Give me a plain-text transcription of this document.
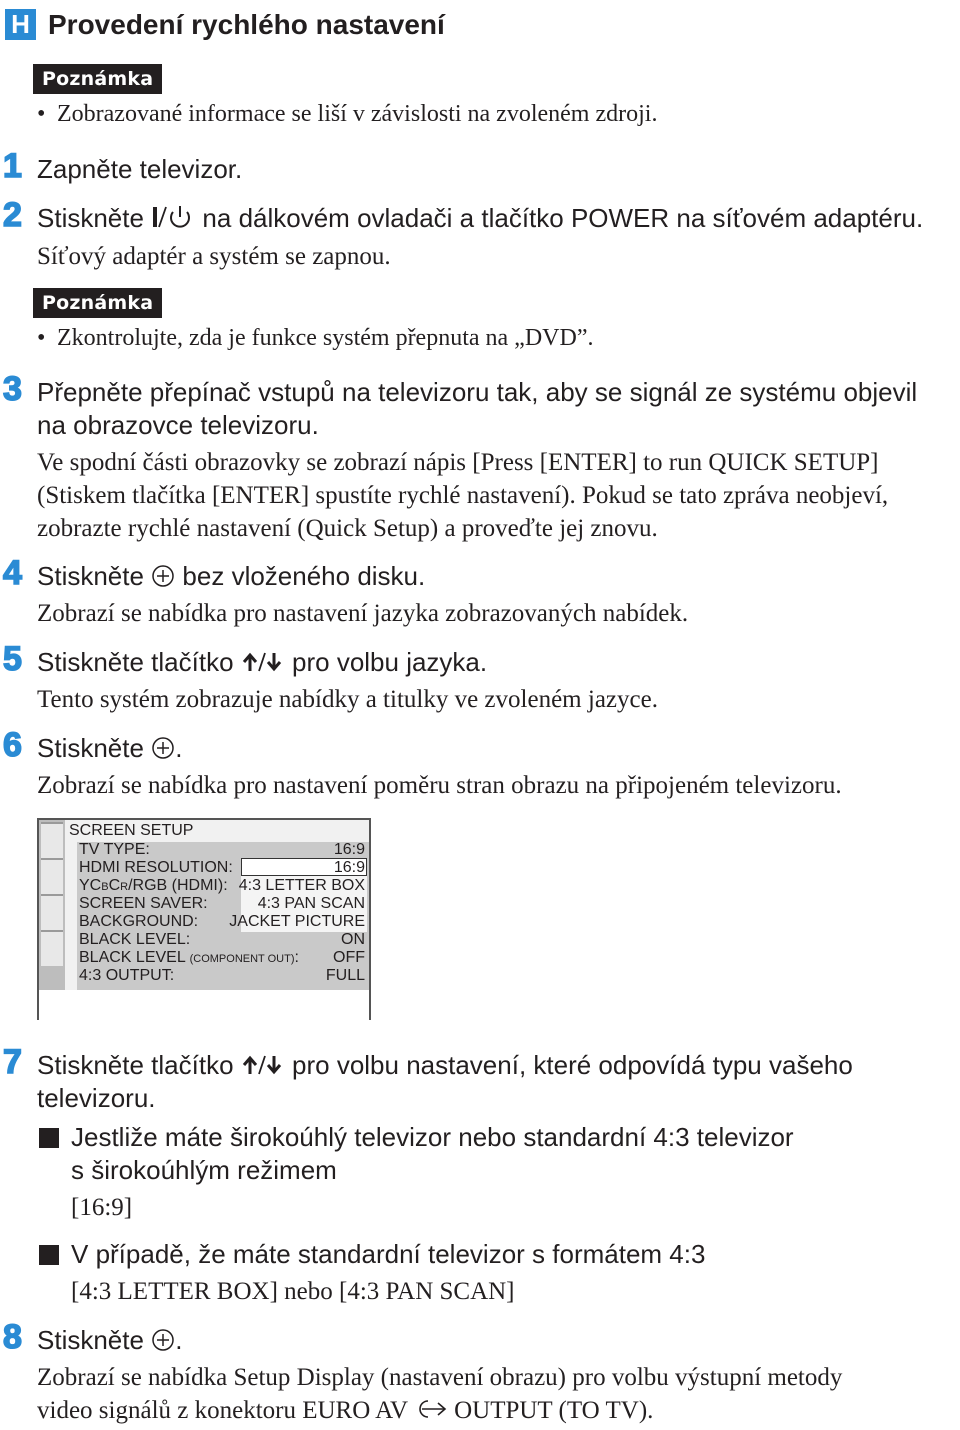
H Provedení rychlého nastavení
Poznámka
• Zobrazované informace se liší v závislosti na zvoleném zdroji.
1 Zapněte televizor.
2 Stiskněte na dálkovém ovladači a tlačítko POWER na síťovém adaptéru.
Síťový adaptér a systém se zapnou.
Poznámka
• Zkontrolujte, zda je funkce systém přepnuta na „DVD”.
3 Přepněte přepínač vstupů na televizoru tak, aby se signál ze systému objevil
na obrazovce televizoru.
Ve spodní části obrazovky se zobrazí nápis [Press [ENTER] to run QUICK SETUP]
(Stiskem tlačítka [ENTER] spustíte rychlé nastavení). Pokud se tato zpráva neobjeví,
zobrazte rychlé nastavení (Quick Setup) a proveďte jej znovu.
4 Stiskněte bez vloženého disku.
Zobrazí se nabídka pro nastavení jazyka zobrazovaných nabídek.
5 Stiskněte tlačítko pro volbu jazyka.
Tento systém zobrazuje nabídky a titulky ve zvoleném jazyce.
6 Stiskněte .
Zobrazí se nabídka pro nastavení poměru stran obrazu na připojeném televizoru.
SCREEN SETUP
TV TYPE:	16:9
HDMI RESOLUTION:	16:9
YCBCR/RGB (HDMI): 4:3 LETTER BOX
SCREEN SAVER:	4:3 PAN SCAN
BACKGROUND: JACKET PICTURE
BLACK LEVEL:	ON
BLACK LEVEL (COMPONENT OUT): OFF
4:3 OUTPUT:	FULL
7 Stiskněte tlačítko pro volbu nastavení, které odpovídá typu vašeho
televizoru.
Jestliže máte širokoúhlý televizor nebo standardní 4:3 televizor
s širokoúhlým režimem
[16:9]
V případě, že máte standardní televizor s formátem 4:3
[4:3 LETTER BOX] nebo [4:3 PAN SCAN]
8 Stiskněte .
Zobrazí se nabídka Setup Display (nastavení obrazu) pro volbu výstupní metody
video signálů z konektoru EURO AV OUTPUT (TO TV).
